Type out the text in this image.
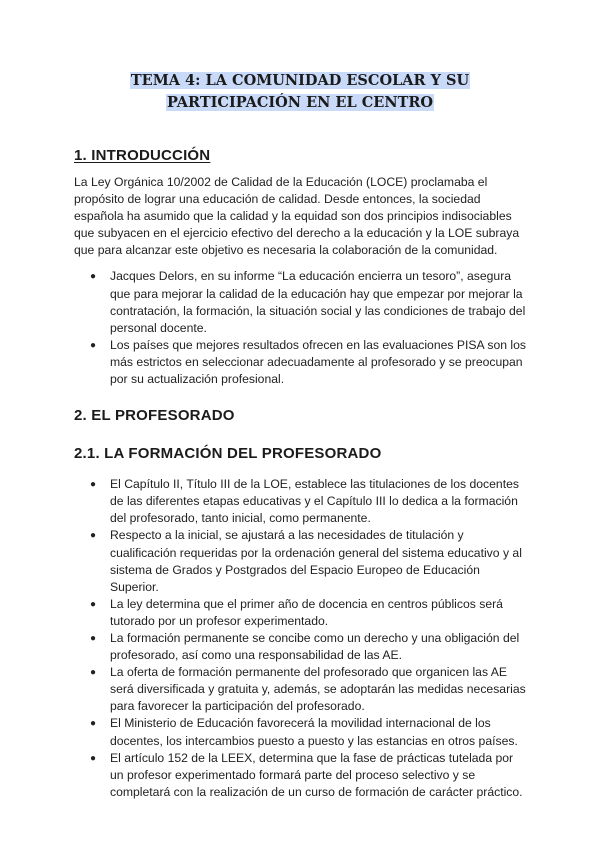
TEMA 4: LA COMUNIDAD ESCOLAR Y SU
PARTICIPACIÓN EN EL CENTRO
1. INTRODUCCIÓN

La Ley Orgánica 10/2002 de Calidad de la Educación (LOCE) proclamaba el propósito de lograr una educación de calidad. Desde entonces, la sociedad española ha asumido que la calidad y la equidad son dos principios indisociables que subyacen en el ejercicio efectivo del derecho a la educación y la LOE subraya que para alcanzar este objetivo es necesaria la colaboración de la comunidad.

● Jacques Delors, en su informe “La educación encierra un tesoro”, asegura que para mejorar la calidad de la educación hay que empezar por mejorar la contratación, la formación, la situación social y las condiciones de trabajo del personal docente.
● Los países que mejores resultados ofrecen en las evaluaciones PISA son los más estrictos en seleccionar adecuadamente al profesorado y se preocupan por su actualización profesional.
2. EL PROFESORADO
2.1. LA FORMACIÓN DEL PROFESORADO
● El Capítulo II, Título III de la LOE, establece las titulaciones de los docentes de las diferentes etapas educativas y el Capítulo III lo dedica a la formación del profesorado, tanto inicial, como permanente.
● Respecto a la inicial, se ajustará a las necesidades de titulación y cualificación requeridas por la ordenación general del sistema educativo y al sistema de Grados y Postgrados del Espacio Europeo de Educación Superior.
● La ley determina que el primer año de docencia en centros públicos será tutorado por un profesor experimentado.
● La formación permanente se concibe como un derecho y una obligación del profesorado, así como una responsabilidad de las AE.
● La oferta de formación permanente del profesorado que organicen las AE será diversificada y gratuita y, además, se adoptarán las medidas necesarias para favorecer la participación del profesorado.
● El Ministerio de Educación favorecerá la movilidad internacional de los docentes, los intercambios puesto a puesto y las estancias en otros países.
● El artículo 152 de la LEEX, determina que la fase de prácticas tutelada por un profesor experimentado formará parte del proceso selectivo y se completará con la realización de un curso de formación de carácter práctico.
